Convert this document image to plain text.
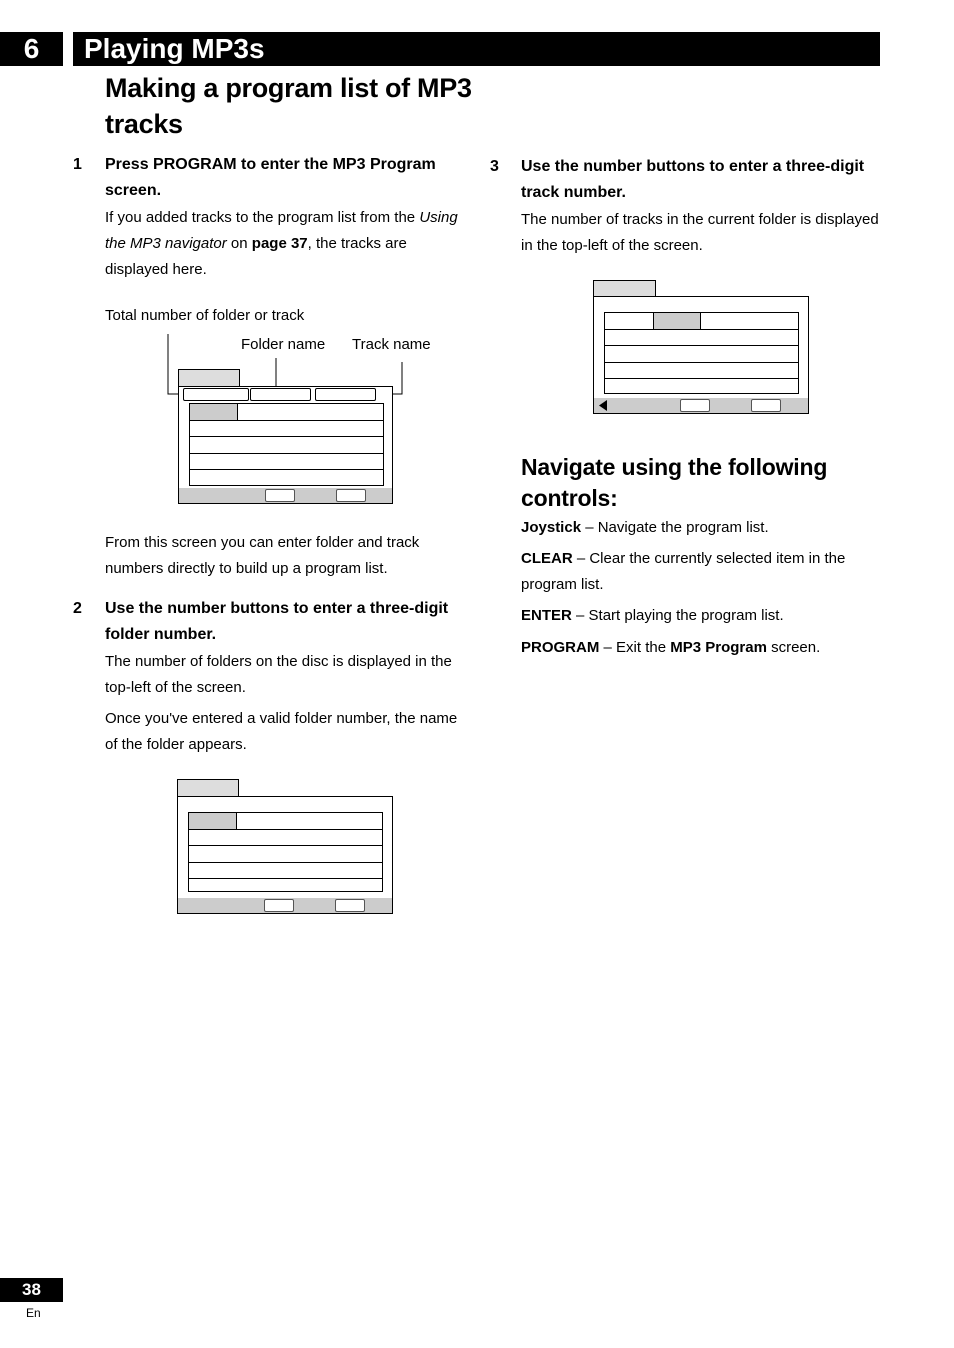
6	Playing MP3s
Making a program list of MP3 tracks
1 Press PROGRAM to enter the MP3 Program screen.
If you added tracks to the program list from the Using the MP3 navigator on page 37, the tracks are displayed here.
Total number of folder or track
Folder name Track name
From this screen you can enter folder and track numbers directly to build up a program list.
2 Use the number buttons to enter a three-digit folder number.
The number of folders on the disc is displayed in the top-left of the screen.
Once you've entered a valid folder number, the name of the folder appears.
3 Use the number buttons to enter a three-digit track number.
The number of tracks in the current folder is displayed in the top-left of the screen.
Navigate using the following controls:
Joystick – Navigate the program list.
CLEAR – Clear the currently selected item in the program list.
ENTER – Start playing the program list.
PROGRAM – Exit the MP3 Program screen.
38
En
